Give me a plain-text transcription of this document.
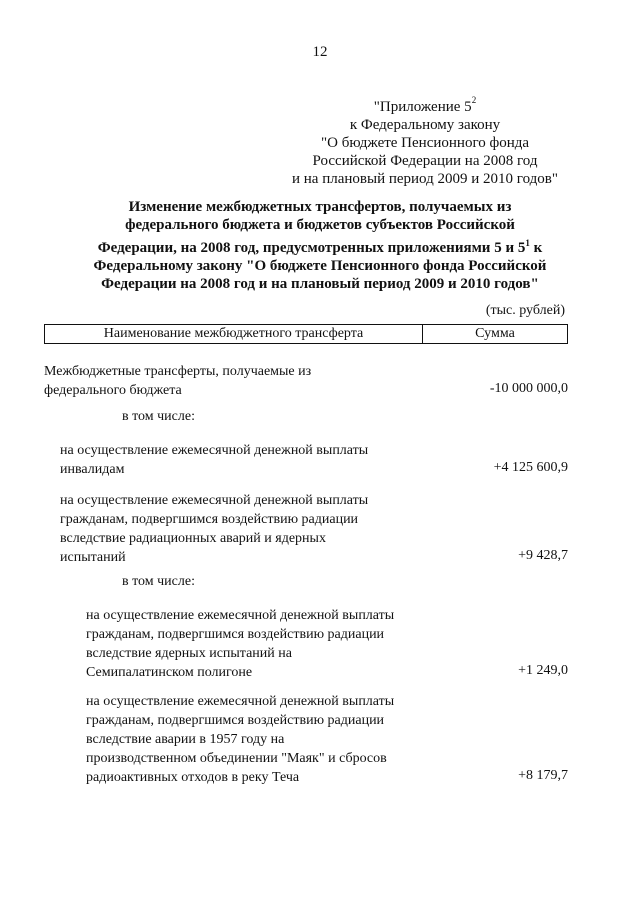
12
"Приложение $5^2$
к Федеральному закону
"О бюджете Пенсионного фонда
Российской Федерации на 2008 год
и на плановый период 2009 и 2010 годов"
Изменение межбюджетных трансфертов, получаемых из
федерального бюджета и бюджетов субъектов Российской
Федерации, на 2008 год, предусмотренных приложениями 5 и $5^1$ к
Федеральному закону "О бюджете Пенсионного фонда Российской
Федерации на 2008 год и на плановый период 2009 и 2010 годов"
(тыс. рублей)
Наименование межбюджетного трансферта	Сумма
Межбюджетные трансферты, получаемые из
федерального бюджета	-10 000 000,0
в том числе:
на осуществление ежемесячной денежной выплаты
инвалидам	+4 125 600,9
на осуществление ежемесячной денежной выплаты
гражданам, подвергшимся воздействию радиации
вследствие радиационных аварий и ядерных
испытаний	+9 428,7
в том числе:
на осуществление ежемесячной денежной выплаты
гражданам, подвергшимся воздействию радиации
вследствие ядерных испытаний на
Семипалатинском полигоне	+1 249,0
на осуществление ежемесячной денежной выплаты
гражданам, подвергшимся воздействию радиации
вследствие аварии в 1957 году на
производственном объединении "Маяк" и сбросов
радиоактивных отходов в реку Теча	+8 179,7
